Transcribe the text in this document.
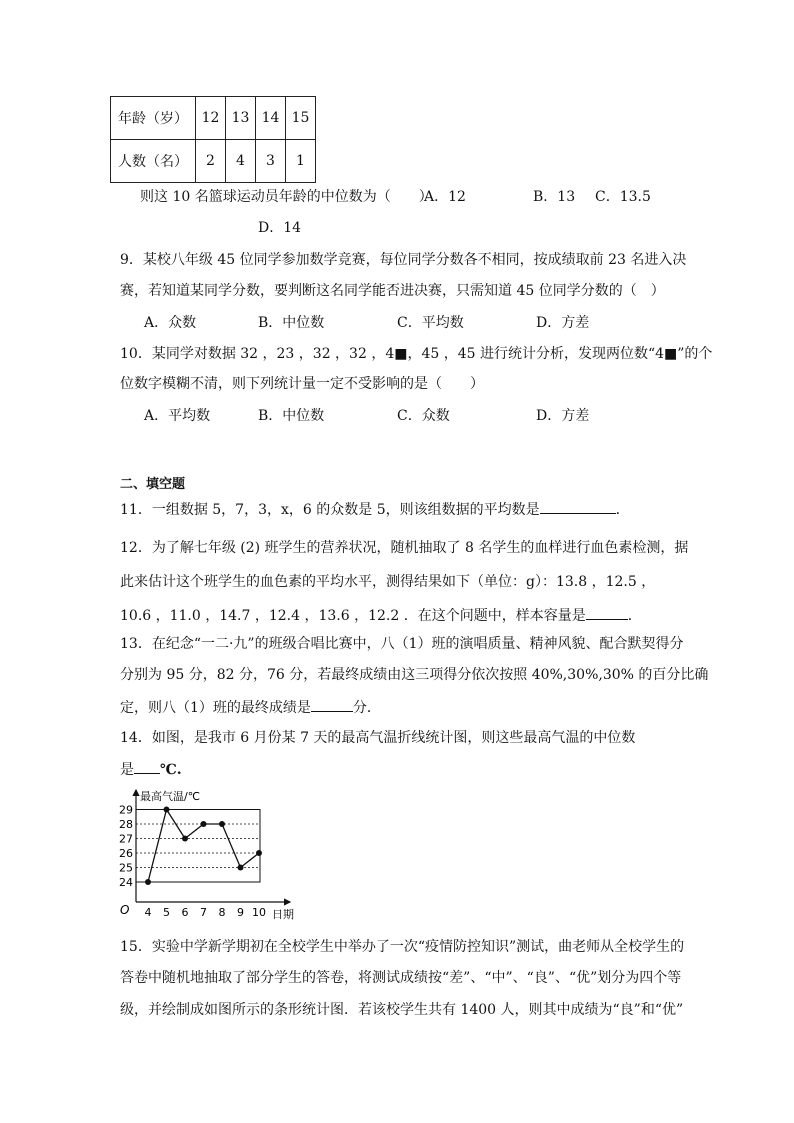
年龄（岁）	12	13	14	15
人数（名）	2	4	3	1
则这 10 名篮球运动员年龄的中位数为（　　）
A．12	B．13 C．13.5
D．14
9．某校八年级 45 位同学参加数学竞赛，每位同学分数各不相同，按成绩取前 23 名进入决
赛，若知道某同学分数，要判断这名同学能否进决赛，只需知道 45 位同学分数的（　）
A．众数	B．中位数	C．平均数	D．方差
10．某同学对数据 32 ，23 ，32 ，32 ，4■，45 ，45 进行统计分析，发现两位数“4■”的个
位数字模糊不清，则下列统计量一定不受影响的是（　　）
A．平均数	B．中位数	C．众数	D．方差
二、填空题
11．一组数据 5，7，3，x，6 的众数是 5，则该组数据的平均数是	．
12．为了解七年级 (2) 班学生的营养状况，随机抽取了 8 名学生的血样进行血色素检测，据
此来估计这个班学生的血色素的平均水平，测得结果如下（单位：g）：13.8 ，12.5 ，
10.6 ，11.0 ，14.7 ，12.4 ，13.6 ，12.2 ．在这个问题中，样本容量是	．
13．在纪念“一二·九”的班级合唱比赛中，八（1）班的演唱质量、精神风貌、配合默契得分
分别为 95 分，82 分，76 分，若最终成绩由这三项得分依次按照 40%,30%,30% 的百分比确
定，则八（1）班的最终成绩是	分．
14．如图，是我市 6 月份某 7 天的最高气温折线统计图，则这些最高气温的中位数
是 ℃.
最高气温/℃
日期
O
24
25
26
27
28
29
4 5 6 7 8 9 10
15．实验中学新学期初在全校学生中举办了一次“疫情防控知识”测试，曲老师从全校学生的
答卷中随机地抽取了部分学生的答卷，将测试成绩按“差”、“中”、“良”、“优”划分为四个等
级，并绘制成如图所示的条形统计图．若该校学生共有 1400 人，则其中成绩为“良”和“优”
